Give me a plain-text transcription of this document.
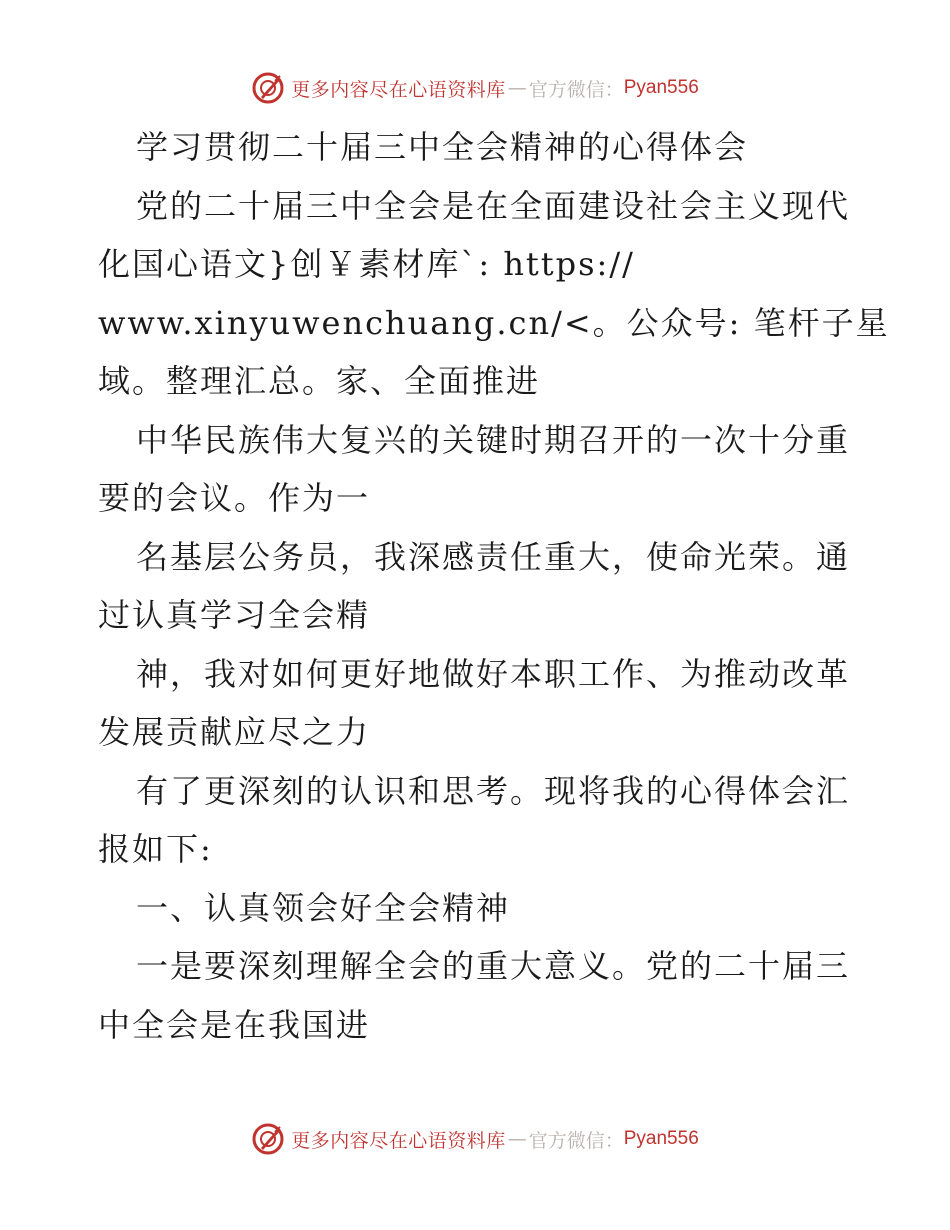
更多内容尽在心语资料库 — 官方微信： Pyan556
学习贯彻二十届三中全会精神的心得体会
党的二十届三中全会是在全面建设社会主义现代
化国心语文}创￥素材库`: https://
www.xinyuwenchuang.cn/<。公众号: 笔杆子星
域。整理汇总。家、全面推进
中华民族伟大复兴的关键时期召开的一次十分重
要的会议。作为一
名基层公务员，我深感责任重大，使命光荣。通
过认真学习全会精
神，我对如何更好地做好本职工作、为推动改革
发展贡献应尽之力
有了更深刻的认识和思考。现将我的心得体会汇
报如下:
一、认真领会好全会精神
一是要深刻理解全会的重大意义。党的二十届三
中全会是在我国进
更多内容尽在心语资料库 — 官方微信： Pyan556
